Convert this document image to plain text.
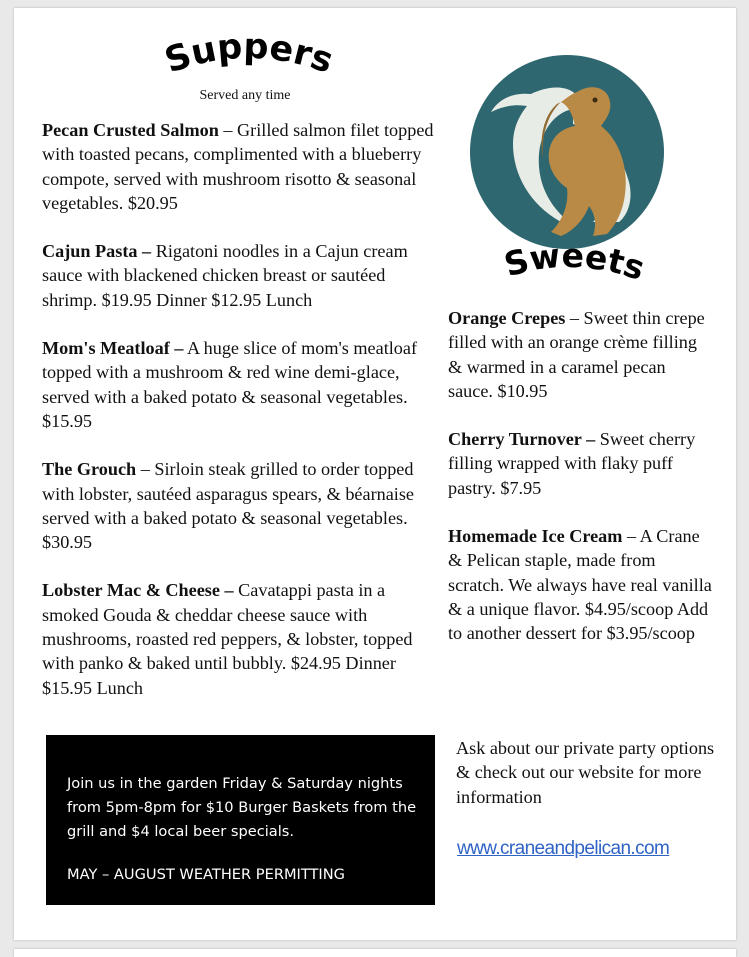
Suppers
Served any time

Pecan Crusted Salmon – Grilled salmon filet topped with toasted pecans, complimented with a blueberry compote, served with mushroom risotto & seasonal vegetables. $20.95

Cajun Pasta – Rigatoni noodles in a Cajun cream sauce with blackened chicken breast or sautéed shrimp. $19.95 Dinner $12.95 Lunch

Mom's Meatloaf – A huge slice of mom's meatloaf topped with a mushroom & red wine demi-glace, served with a baked potato & seasonal vegetables. $15.95

The Grouch – Sirloin steak grilled to order topped with lobster, sautéed asparagus spears, & béarnaise served with a baked potato & seasonal vegetables. $30.95

Lobster Mac & Cheese – Cavatappi pasta in a smoked Gouda & cheddar cheese sauce with mushrooms, roasted red peppers, & lobster, topped with panko & baked until bubbly. $24.95 Dinner $15.95 Lunch

Sweets

Orange Crepes – Sweet thin crepe filled with an orange crème filling & warmed in a caramel pecan sauce. $10.95

Cherry Turnover – Sweet cherry filling wrapped with flaky puff pastry. $7.95

Homemade Ice Cream – A Crane & Pelican staple, made from scratch. We always have real vanilla & a unique flavor. $4.95/scoop Add to another dessert for $3.95/scoop

Join us in the garden Friday & Saturday nights from 5pm-8pm for $10 Burger Baskets from the grill and $4 local beer specials.

MAY – AUGUST WEATHER PERMITTING

Ask about our private party options & check out our website for more information
www.craneandpelican.com
